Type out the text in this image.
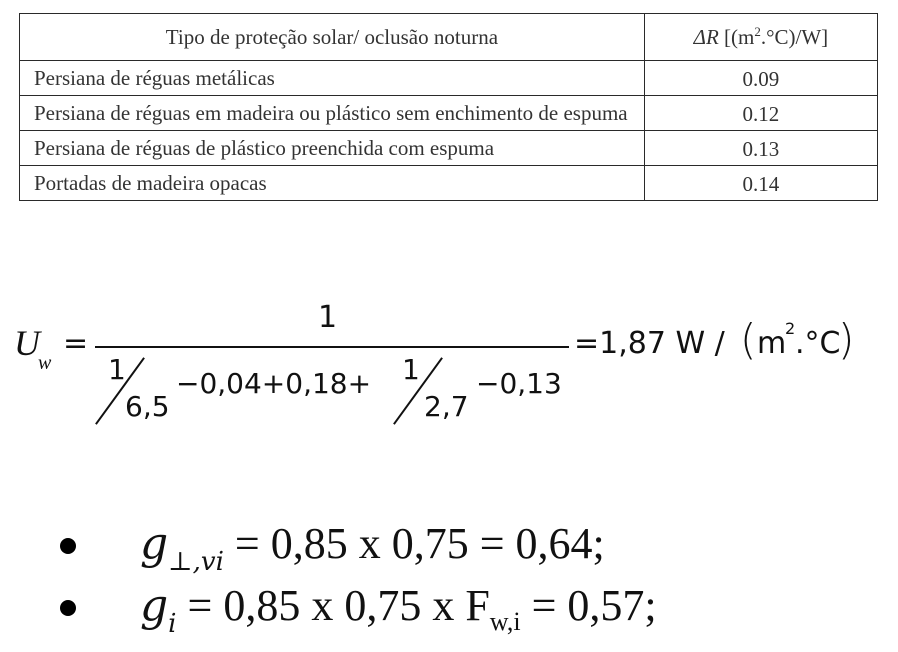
Tipo de proteção solar/ oclusão noturna	ΔR $[(m^2.^\circ C)/W]$
Persiana de réguas metálicas	0.09
Persiana de réguas em madeira ou plástico sem enchimento de espuma	0.12
Persiana de réguas de plástico preenchida com espuma	0.13
Portadas de madeira opacas	0.14
U
w
=
1
1
6,5
−0,04+0,18+ 1
2,7
−0,13
=1,87 W / ( m
2 .°C
)
$g_{\perp,vi} = 0,85$ x 0,75 = 0,64;
$g_i = 0,85$ x 0,75 x $F_{w,i} = 0,57$;
